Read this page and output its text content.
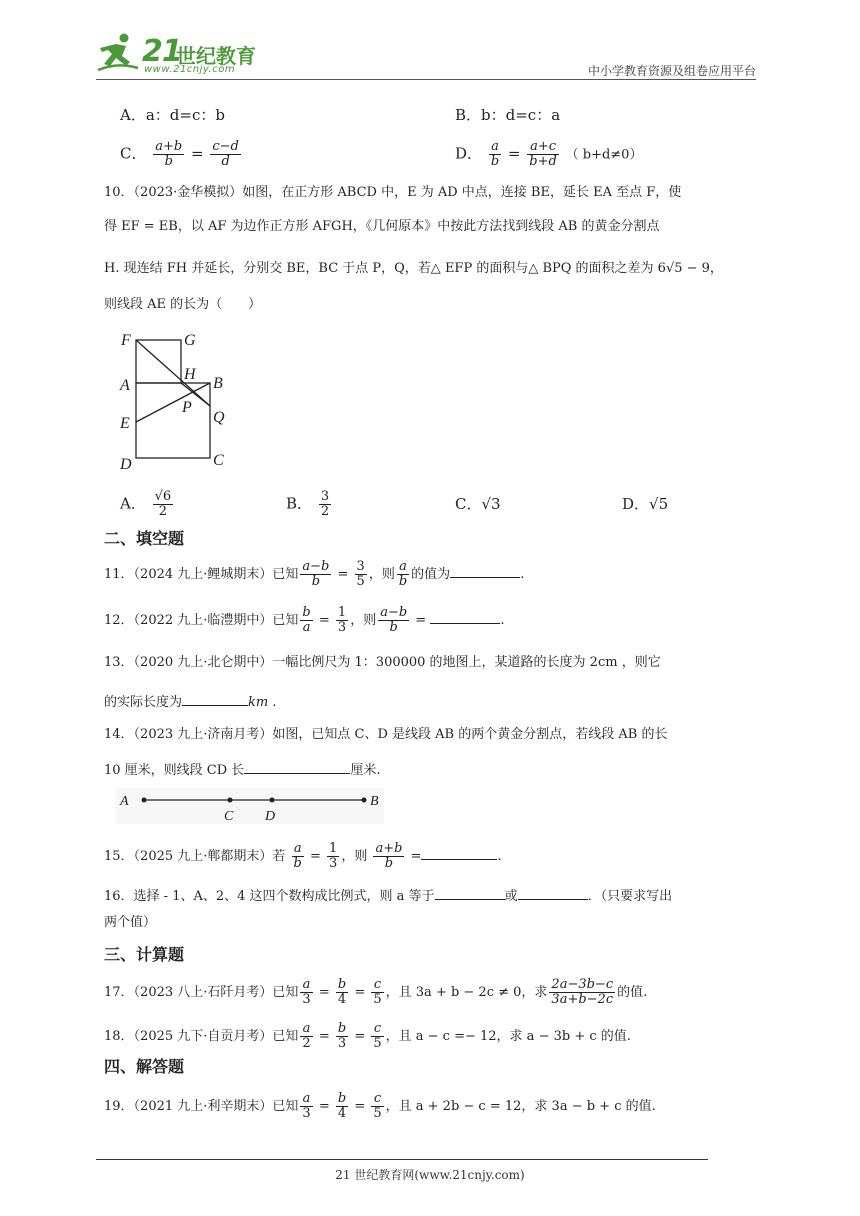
21
世纪教育
www.21cnjy.com	中小学教育资源及组卷应用平台
A．a：d=c：b	B．b：d=c：a
C． $\frac{a+b}{b} = \frac{c-d}{d}$	D． $\frac{a}{b} = \frac{a+c}{b+d}$ （ b+d≠0）
10．（2023·金华模拟）如图，在正方形 ABCD 中，E 为 AD 中点，连接 BE，延长 EA 至点 F，使
得 EF = EB，以 AF 为边作正方形 AFGH，《几何原本》中按此方法找到线段 AB 的黄金分割点
H. 现连结 FH 并延长，分别交 BE，BC 于点 P，Q，若△ EFP 的面积与△ BPQ 的面积之差为 6√5 − 9，
则线段 AE 的长为（　　）
F	G
H
A	B
P
E	Q
D	C
A． $\frac{√6}{2}$	B． $\frac{3}{2}$	C．√3	D．√5
二、填空题
11．（2024 九上·鲤城期末）已知 $\frac{a-b}{b} = \frac{3}{5}$ ，则 $\frac{a}{b}$ 的值为	.
12．（2022 九上·临澧期中）已知 $\frac{b}{a} = \frac{1}{3}$ ，则 $\frac{a-b}{b}$ =	.
13．（2020 九上·北仑期中）一幅比例尺为 1：300000 的地图上，某道路的长度为 2cm ，则它
的实际长度为	km .
14．（2023 九上·济南月考）如图，已知点 C、D 是线段 AB 的两个黄金分割点，若线段 AB 的长
10 厘米，则线段 CD 长	厘米.
A
C D
B
15．（2025 九上·郸都期末）若 $\frac{a}{b} = \frac{1}{3}$ ，则 $\frac{a+b}{b}$ =	.
16．选择 - 1、A、2、4 这四个数构成比例式，则 a 等于	或	．（只要求写出
两个值）
三、计算题
17．（2023 八上·石阡月考）已知 $\frac{a}{3} = \frac{b}{4} = \frac{c}{5}$ ，且 3a + b − 2c ≠ 0，求 $\frac{2a-3b-c}{3a+b-2c}$ 的值.
18．（2025 九下·自贡月考）已知 $\frac{a}{2} = \frac{b}{3} = \frac{c}{5}$ ，且 a − c =− 12，求 a − 3b + c 的值.
四、解答题
19．（2021 九上·利辛期末）已知 $\frac{a}{3} = \frac{b}{4} = \frac{c}{5}$ ，且 a + 2b − c = 12，求 3a − b + c 的值.
21 世纪教育网(www.21cnjy.com)
